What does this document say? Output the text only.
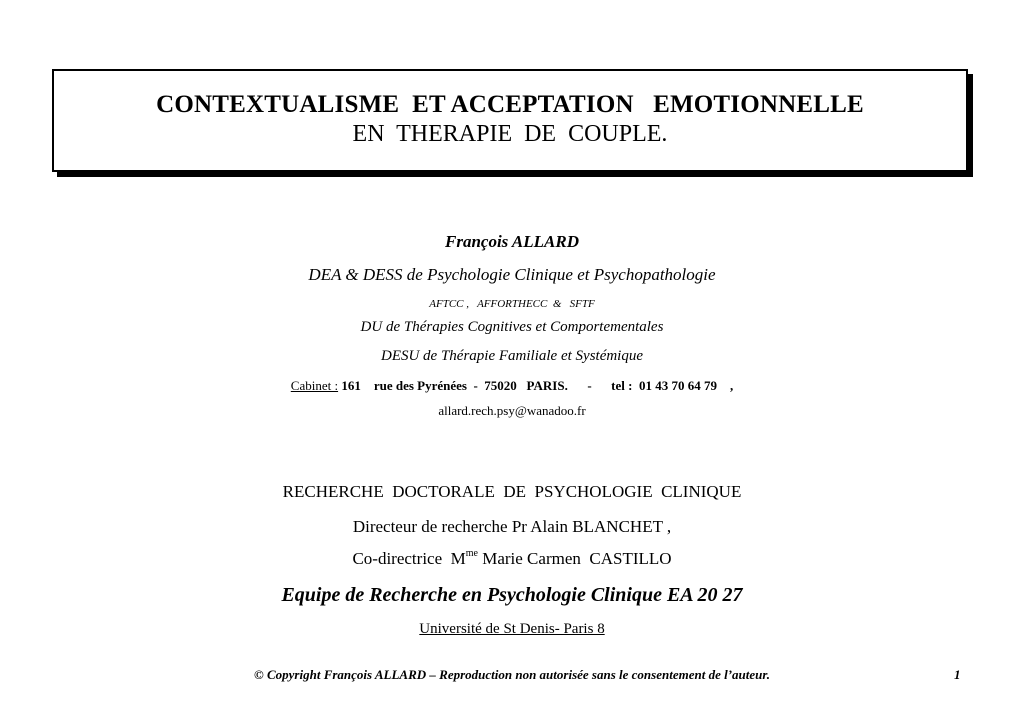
CONTEXTUALISME  ET ACCEPTATION   EMOTIONNELLE
EN  THERAPIE  DE  COUPLE.
François ALLARD
DEA & DESS de Psychologie Clinique et Psychopathologie
AFTCC ,   AFFORTHECC  &   SFTF
DU de Thérapies Cognitives et Comportementales
DESU de Thérapie Familiale et Systémique
Cabinet : 161    rue des Pyrénées  -  75020   PARIS.      -      tel :  01 43 70 64 79    ,
allard.rech.psy@wanadoo.fr
RECHERCHE  DOCTORALE  DE  PSYCHOLOGIE  CLINIQUE
Directeur de recherche Pr Alain BLANCHET ,
Co-directrice  $M^{me}$ Marie Carmen  CASTILLO
Equipe de Recherche en Psychologie Clinique EA 20 27
Université de St Denis- Paris 8
© Copyright François ALLARD – Reproduction non autorisée sans le consentement de l’auteur.	1
